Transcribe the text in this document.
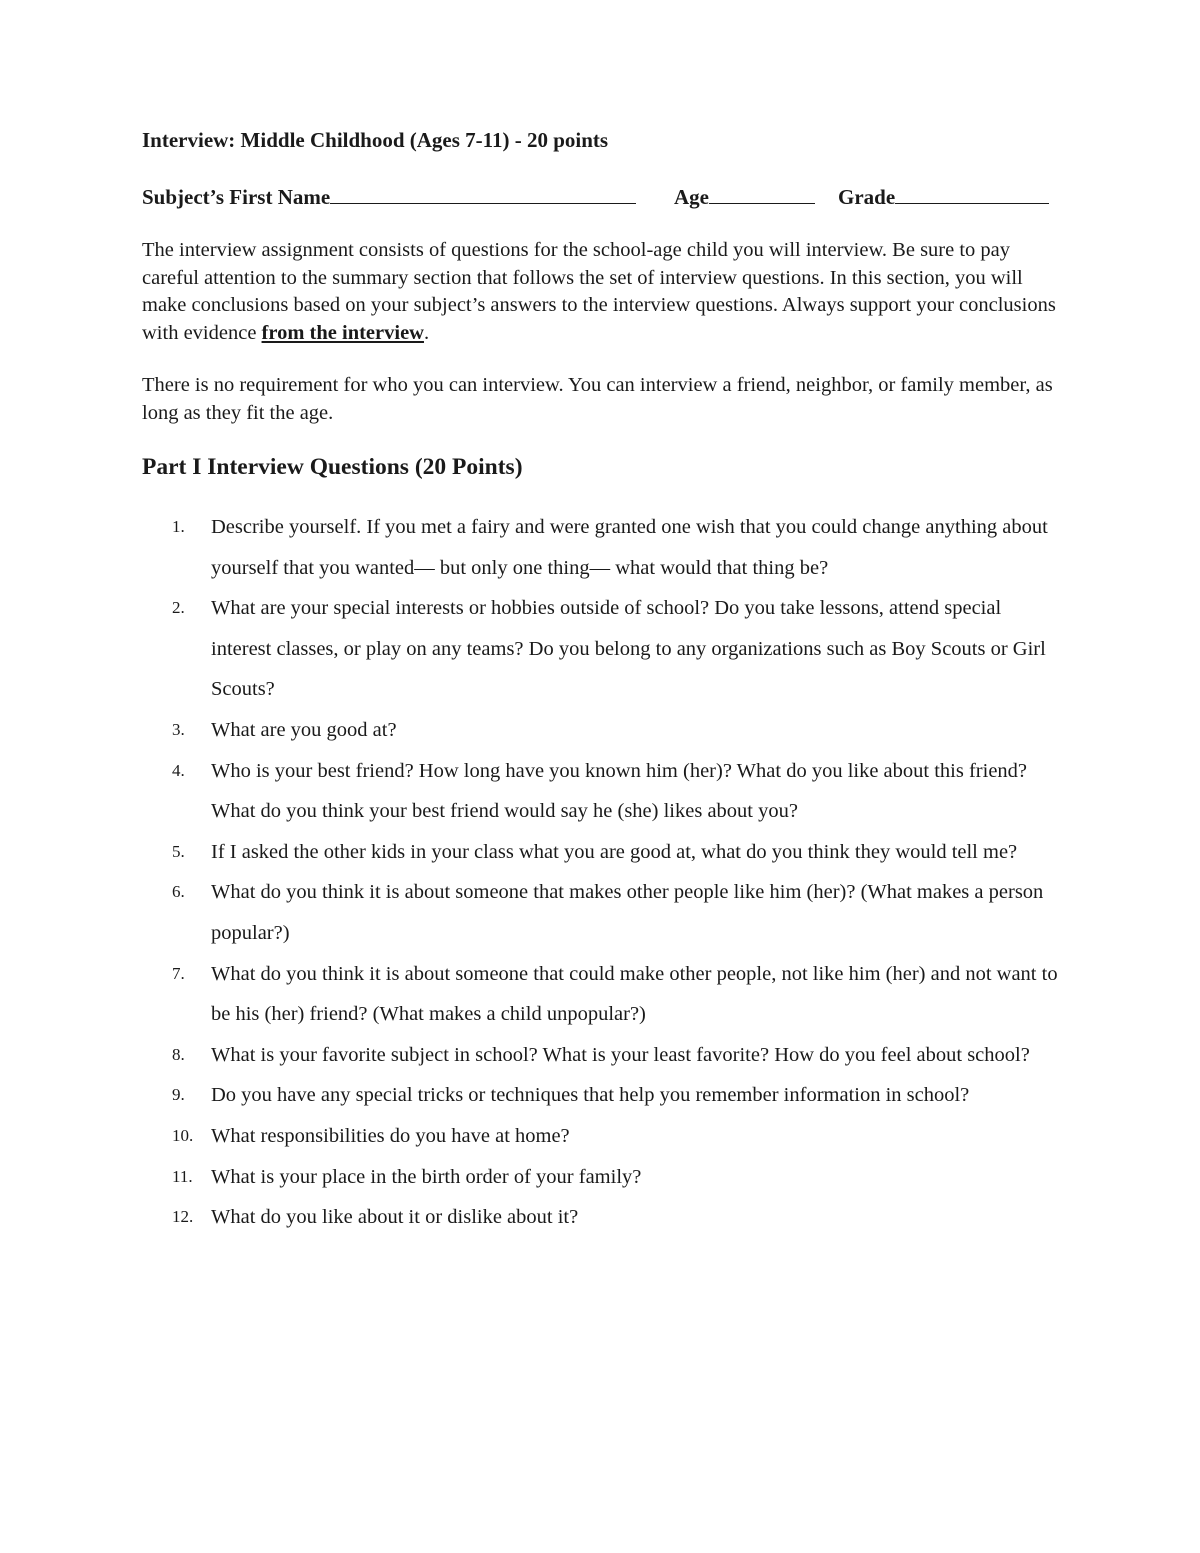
Interview: Middle Childhood (Ages 7-11) - 20 points
Subject’s First Name	Age	Grade

The interview assignment consists of questions for the school-age child you will interview. Be sure to pay careful attention to the summary section that follows the set of interview questions. In this section, you will make conclusions based on your subject’s answers to the interview questions. Always support your conclusions with evidence from the interview.

There is no requirement for who you can interview. You can interview a friend, neighbor, or family member, as long as they fit the age.

Part I Interview Questions (20 Points)
1.	Describe yourself. If you met a fairy and were granted one wish that you could change anything about yourself that you wanted— but only one thing— what would that thing be?
2.	What are your special interests or hobbies outside of school? Do you take lessons, attend special interest classes, or play on any teams? Do you belong to any organizations such as Boy Scouts or Girl Scouts?
3.	What are you good at?
4.	Who is your best friend? How long have you known him (her)? What do you like about this friend? What do you think your best friend would say he (she) likes about you?
5.	If I asked the other kids in your class what you are good at, what do you think they would tell me?
6.	What do you think it is about someone that makes other people like him (her)? (What makes a person popular?)
7.	What do you think it is about someone that could make other people, not like him (her) and not want to be his (her) friend? (What makes a child unpopular?)
8.	What is your favorite subject in school? What is your least favorite? How do you feel about school?
9.	Do you have any special tricks or techniques that help you remember information in school?
10. What responsibilities do you have at home?
11. What is your place in the birth order of your family?
12. What do you like about it or dislike about it?
